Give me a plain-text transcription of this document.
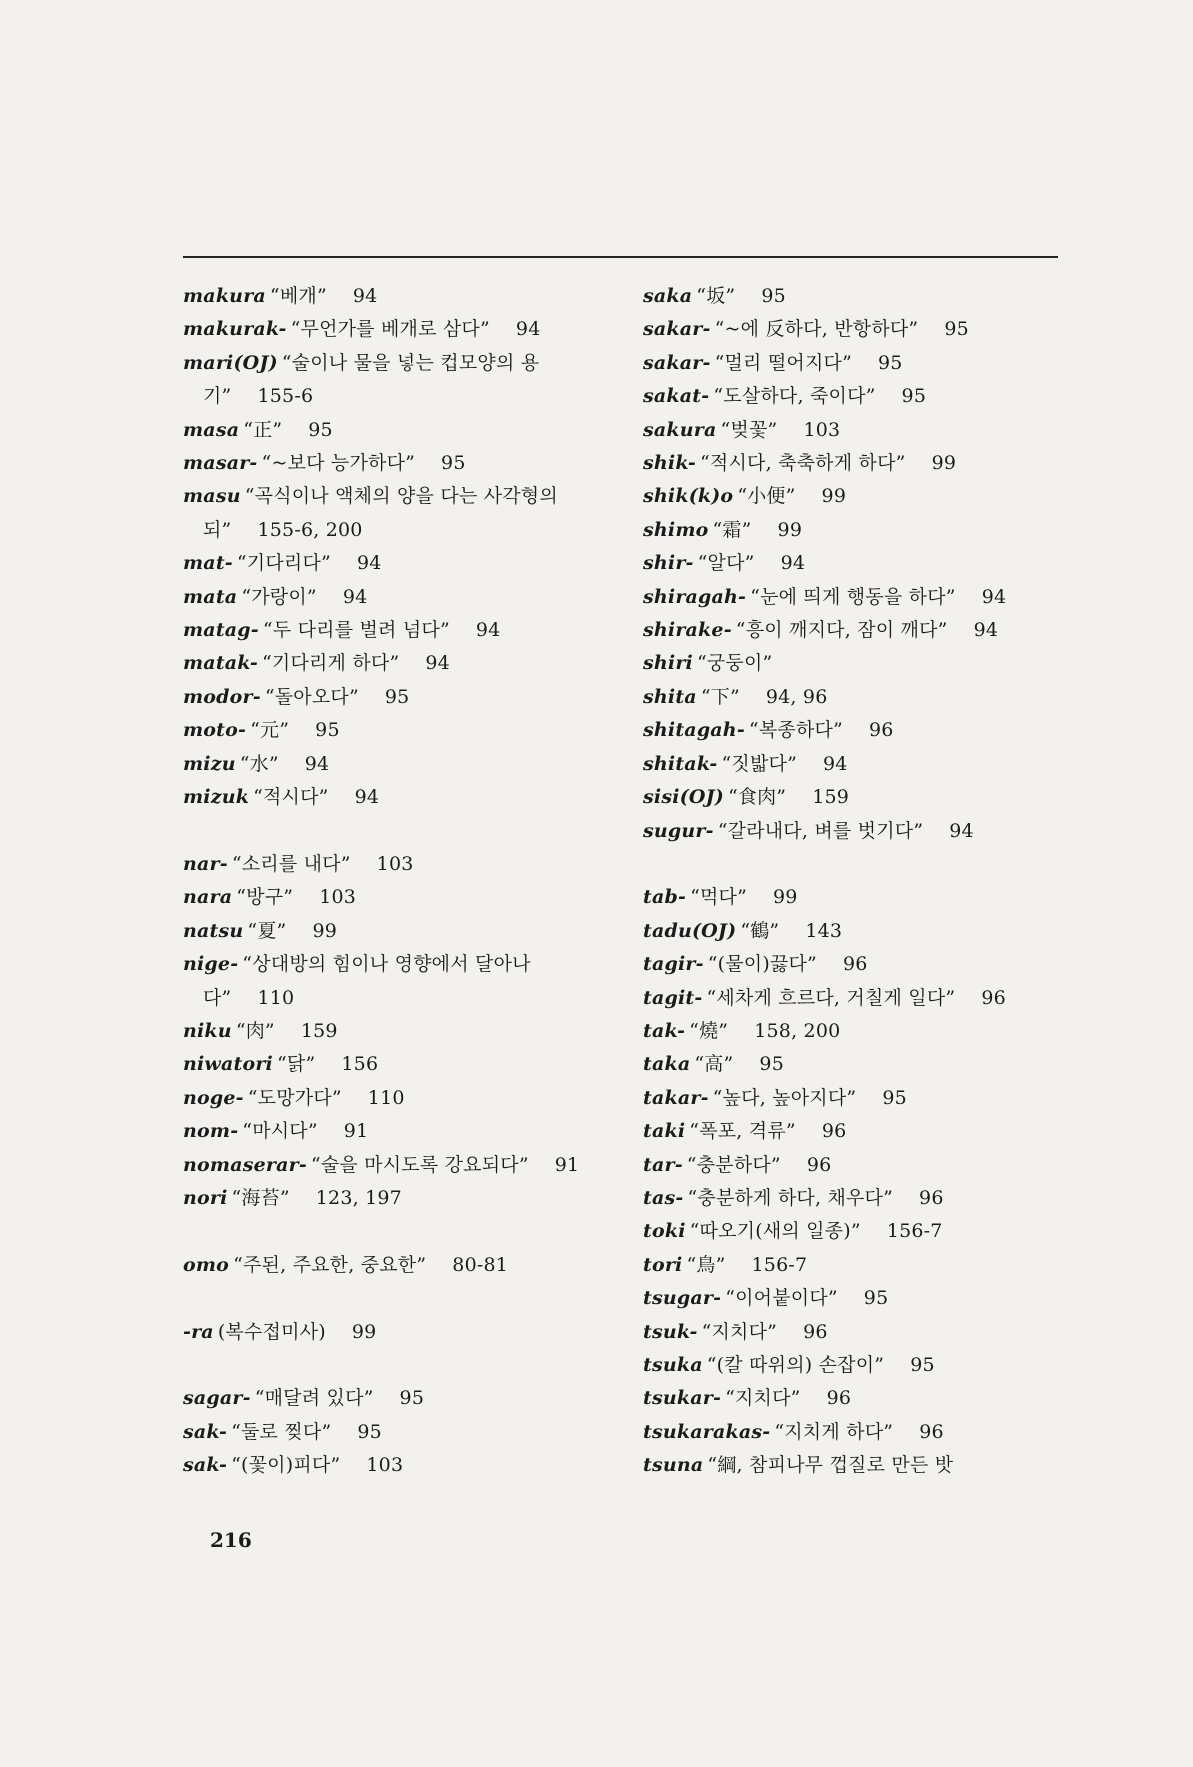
makura “베개” 94
makurak- “무언가를 베개로 삼다” 94
mari(OJ) “술이나 물을 넣는 컵모양의 용기” 155-6
masa “正” 95
masar- “~보다 능가하다” 95
masu “곡식이나 액체의 양을 다는 사각형의 되” 155-6, 200
mat- “기다리다” 94
mata “가랑이” 94
matag- “두 다리를 벌려 넘다” 94
matak- “기다리게 하다” 94
modor- “돌아오다” 95
moto- “元” 95
mizu “水” 94
mizuk “적시다” 94
nar- “소리를 내다” 103
nara “방구” 103
natsu “夏” 99
nige- “상대방의 힘이나 영향에서 달아나다” 110
niku “肉” 159
niwatori “닭” 156
noge- “도망가다” 110
nom- “마시다” 91
nomaserar- “술을 마시도록 강요되다” 91
nori “海苔” 123, 197
omo “주된, 주요한, 중요한” 80-81
-ra (복수접미사) 99
sagar- “매달려 있다” 95
sak- “둘로 찢다” 95
sak- “(꽃이)피다” 103
saka “坂” 95
sakar- “~에 反하다, 반항하다” 95
sakar- “멀리 떨어지다” 95
sakat- “도살하다, 죽이다” 95
sakura “벚꽃” 103
shik- “적시다, 축축하게 하다” 99
shik(k)o “小便” 99
shimo “霜” 99
shir- “알다” 94
shiragah- “눈에 띄게 행동을 하다” 94
shirake- “흥이 깨지다, 잠이 깨다” 94
shiri “궁둥이”
shita “下” 94, 96
shitagah- “복종하다” 96
shitak- “짓밟다” 94
sisi(OJ) “食肉” 159
sugur- “갈라내다, 벼를 벗기다” 94
tab- “먹다” 99
tadu(OJ) “鶴” 143
tagir- “(물이)끓다” 96
tagit- “세차게 흐르다, 거칠게 일다” 96
tak- “燒” 158, 200
taka “高” 95
takar- “높다, 높아지다” 95
taki “폭포, 격류” 96
tar- “충분하다” 96
tas- “충분하게 하다, 채우다” 96
toki “따오기(새의 일종)” 156-7
tori “鳥” 156-7
tsugar- “이어붙이다” 95
tsuk- “지치다” 96
tsuka “(칼 따위의) 손잡이” 95
tsukar- “지치다” 96
tsukarakas- “지치게 하다” 96
tsuna “綱, 참피나무 껍질로 만든 밧
216
